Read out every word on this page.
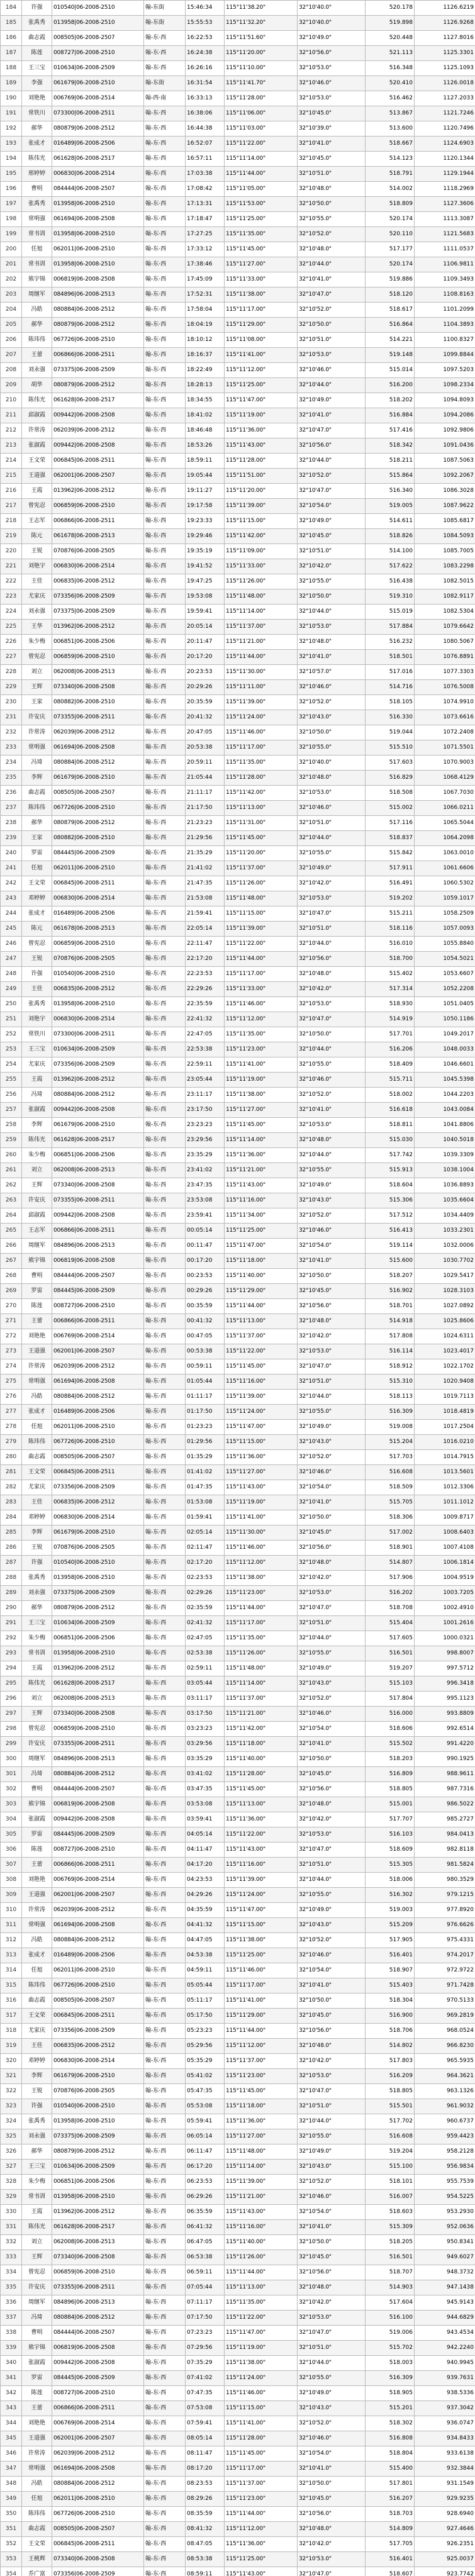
184	许强	010540|06-2008-2510	翰-东街	15:46:34	115°11'38.20"	32°10'40.0"	520.178	1126.6219
185	张禹秀	013958|06-2008-2510	翰-东街	15:55:53	115°11'32.20"	32°10'40.0"	519.898	1126.9268
186	曲志霞	008505|06-2008-2507	翰-东·西	16:22:53	115°11'51.60"	32°10'49.0"	520.448	1127.8016
187	陈莲	008727|06-2008-2510	翰-东·西	16:24:38	115°11'20.00"	32°10'56.0"	521.113	1125.3301
188	王三宝	010634|06-2008-2509	翰-东·西	16:26:16	115°11'10.00"	32°10'53.0"	516.348	1125.1093
189	李强	061679|06-2008-2510	翰-东街	16:31:54	115°11'41.70"	32°10'46.0"	520.410	1126.0018
190	刘艳艳	006769|06-2008-2514	翰-西·南	16:33:13	115°11'28.00"	32°10'53.0"	516.462	1127.2033
191	常铁川	073300|06-2008-2511	翰-东·西	16:38:06	115°11'06.00"	32°10'45.0"	513.867	1121.7246
192	郝华	080879|06-2008-2512	翰-东·西	16:44:38	115°11'03.00"	32°10'39.0"	513.600	1120.7496
193	张成才	016489|06-2008-2506	翰-东·西	16:52:07	115°11'22.00"	32°10'41.0"	518.667	1124.6903
194	陈伟光	061628|06-2008-2517	翰-东·西	16:57:11	115°11'14.00"	32°10'45.0"	514.123	1120.1344
195	邢婷婷	006830|06-2008-2514	翰-东·西	17:03:38	115°11'44.00"	32°10'51.0"	518.791	1129.1944
196	曹明	084444|06-2008-2507	翰-东·西	17:08:42	115°11'05.00"	32°10'48.0"	514.002	1118.2969
197	张禹秀	013958|06-2008-2510	翰-东·西	17:13:31	115°11'53.00"	32°10'50.0"	518.809	1127.3606
198	常明强	061694|06-2008-2508	翰-东·西	17:18:47	115°11'25.00"	32°10'55.0"	520.174	1113.3087
199	常书训	013958|06-2008-2510	翰-东·西	17:27:25	115°11'35.00"	32°10'52.0"	520.110	1121.5683
200	任旭	062011|06-2008-2510	翰-东·西	17:33:12	115°11'45.00"	32°10'48.0"	517.177	1111.0537
201	常书训	013958|06-2008-2510	翰-东·西	17:38:46	115°11'27.00"	32°10'44.0"	520.174	1106.9811
202	熊宇锦	006819|06-2008-2508	翰-东·西	17:45:09	115°11'33.00"	32°10'41.0"	519.886	1109.3493
203	周继军	084896|06-2008-2513	翰-东·西	17:52:31	115°11'38.00"	32°10'47.0"	518.120	1108.8163
204	冯皓	080884|06-2008-2512	翰-东·西	17:58:04	115°11'17.00"	32°10'52.0"	518.617	1101.2099
205	郝华	080879|06-2008-2512	翰-东·西	18:04:19	115°11'29.00"	32°10'50.0"	516.864	1104.3893
206	陈玮伟	067726|06-2008-2510	翰-东·西	18:10:12	115°11'08.00"	32°10'51.0"	514.221	1100.8327
207	王蕾	006866|06-2008-2511	翰-东·西	18:16:37	115°11'41.00"	32°10'53.0"	519.148	1099.8844
208	刘永强	073375|06-2008-2509	翰-东·西	18:22:49	115°11'12.00"	32°10'46.0"	515.014	1097.5203
209	胡华	080879|06-2008-2512	翰-东·西	18:28:13	115°11'25.00"	32°10'44.0"	516.200	1098.2334
210	陈伟光	061628|06-2008-2517	翰-东·西	18:34:55	115°11'47.00"	32°10'49.0"	518.202	1094.8093
211	邱淑霞	009442|06-2008-2508	翰-东·西	18:41:02	115°11'19.00"	32°10'41.0"	516.884	1094.2086
212	许常涛	062039|06-2008-2512	翰-东·西	18:46:48	115°11'36.00"	32°10'47.0"	517.416	1092.9806
213	张淑霞	009442|06-2008-2508	翰-东·西	18:53:26	115°11'43.00"	32°10'56.0"	518.342	1091.0436
214	王文荣	006845|06-2008-2511	翰-东·西	18:59:11	115°11'28.00"	32°10'44.0"	518.211	1087.5063
215	王道强	062001|06-2008-2507	翰-东·西	19:05:44	115°11'51.00"	32°10'52.0"	515.864	1092.2067
216	王霞	013962|06-2008-2512	翰-东·西	19:11:27	115°11'20.00"	32°10'47.0"	516.340	1086.3028
217	曾宪忍	006859|06-2008-2510	翰-东·西	19:17:58	115°11'39.00"	32°10'54.0"	519.005	1087.9622
218	王志军	006866|06-2008-2511	翰-东·西	19:23:33	115°11'15.00"	32°10'49.0"	514.611	1085.6817
219	陈元	061678|06-2008-2513	翰-东·西	19:29:46	115°11'42.00"	32°10'45.0"	518.826	1084.5093
220	王锐	070876|06-2008-2505	翰-东·西	19:35:19	115°11'09.00"	32°10'51.0"	514.100	1085.7005
221	刘艳宇	006830|06-2008-2514	翰-东·西	19:41:52	115°11'33.00"	32°10'42.0"	517.622	1083.2298
222	王佳	006835|06-2008-2512	翰-东·西	19:47:25	115°11'26.00"	32°10'55.0"	516.438	1082.5015
223	尤家庆	073356|06-2008-2509	翰-东·西	19:53:08	115°11'48.00"	32°10'50.0"	519.310	1082.9117
224	刘永强	073375|06-2008-2509	翰-东·西	19:59:41	115°11'14.00"	32°10'44.0"	515.019	1082.5304
225	王华	013962|06-2008-2512	翰-东·西	20:05:14	115°11'37.00"	32°10'53.0"	517.884	1079.6642
226	朱少梅	006851|06-2008-2506	翰-东·西	20:11:47	115°11'21.00"	32°10'48.0"	516.232	1080.5067
227	曾宪忍	006859|06-2008-2510	翰-东·西	20:17:20	115°11'44.00"	32°10'41.0"	518.501	1076.8891
228	刘立	062008|06-2008-2513	翰-东·西	20:23:53	115°11'30.00"	32°10'57.0"	517.016	1077.3303
229	王辉	073340|06-2008-2508	翰-东·西	20:29:26	115°11'11.00"	32°10'46.0"	514.716	1076.5008
230	王家	080882|06-2008-2510	翰-东·西	20:35:59	115°11'39.00"	32°10'52.0"	518.105	1074.9910
231	许安庆	073355|06-2008-2511	翰-东·西	20:41:32	115°11'24.00"	32°10'43.0"	516.330	1073.6616
232	许常涛	062039|06-2008-2512	翰-东·西	20:47:05	115°11'46.00"	32°10'50.0"	519.044	1072.2408
233	常明强	061694|06-2008-2508	翰-东·西	20:53:38	115°11'17.00"	32°10'55.0"	515.510	1071.5501
234	冯琦	080884|06-2008-2512	翰-东·西	20:59:11	115°11'35.00"	32°10'40.0"	517.603	1070.9003
235	李辉	061679|06-2008-2510	翰-东·西	21:05:44	115°11'28.00"	32°10'48.0"	516.829	1068.4129
236	曲志霞	008505|06-2008-2507	翰-东·西	21:11:17	115°11'42.00"	32°10'53.0"	518.508	1067.7030
237	陈玮伟	067726|06-2008-2510	翰-东·西	21:17:50	115°11'13.00"	32°10'46.0"	515.002	1066.0211
238	郝华	080879|06-2008-2512	翰-东·西	21:23:23	115°11'31.00"	32°10'51.0"	517.116	1065.5044
239	王家	080882|06-2008-2510	翰-东·西	21:29:56	115°11'45.00"	32°10'44.0"	518.837	1064.2098
240	罗雷	084445|06-2008-2509	翰-东·西	21:35:29	115°11'20.00"	32°10'55.0"	515.842	1063.0010
241	任旭	062011|06-2008-2510	翰-东·西	21:41:02	115°11'37.00"	32°10'49.0"	517.911	1061.6606
242	王文荣	006845|06-2008-2511	翰-东·西	21:47:35	115°11'26.00"	32°10'42.0"	516.491	1060.5302
243	邓婷婷	006830|06-2008-2514	翰-东·西	21:53:08	115°11'48.00"	32°10'53.0"	519.202	1059.1017
244	张成才	016489|06-2008-2506	翰-东·西	21:59:41	115°11'15.00"	32°10'47.0"	515.211	1058.2509
245	陈元	061678|06-2008-2513	翰-东·西	22:05:14	115°11'39.00"	32°10'51.0"	518.116	1057.0093
246	曾宪忍	006859|06-2008-2510	翰-东·西	22:11:47	115°11'22.00"	32°10'44.0"	516.010	1055.8840
247	王锐	070876|06-2008-2505	翰-东·西	22:17:20	115°11'44.00"	32°10'56.0"	518.700	1054.5021
248	许强	010540|06-2008-2510	翰-东·西	22:23:53	115°11'17.00"	32°10'48.0"	515.402	1053.6607
249	王佳	006835|06-2008-2512	翰-东·西	22:29:26	115°11'33.00"	32°10'42.0"	517.314	1052.2208
250	张禹秀	013958|06-2008-2510	翰-东·西	22:35:59	115°11'46.00"	32°10'53.0"	518.930	1051.0405
251	刘艳宇	006830|06-2008-2514	翰-东·西	22:41:32	115°11'12.00"	32°10'47.0"	514.919	1050.1186
252	常铁川	073300|06-2008-2511	翰-东·西	22:47:05	115°11'35.00"	32°10'50.0"	517.701	1049.2017
253	王三宝	010634|06-2008-2509	翰-东·西	22:53:38	115°11'23.00"	32°10'44.0"	516.206	1048.0033
254	尤家庆	073356|06-2008-2509	翰-东·西	22:59:11	115°11'41.00"	32°10'55.0"	518.409	1046.6601
255	王霞	013962|06-2008-2512	翰-东·西	23:05:44	115°11'19.00"	32°10'46.0"	515.711	1045.5398
256	冯琦	080884|06-2008-2512	翰-东·西	23:11:17	115°11'38.00"	32°10'52.0"	518.002	1044.2203
257	张淑霞	009442|06-2008-2508	翰-东·西	23:17:50	115°11'27.00"	32°10'41.0"	516.618	1043.0084
258	李辉	061679|06-2008-2510	翰-东·西	23:23:23	115°11'45.00"	32°10'53.0"	518.811	1041.8806
259	陈伟光	061628|06-2008-2517	翰-东·西	23:29:56	115°11'14.00"	32°10'48.0"	515.030	1040.5018
260	朱少梅	006851|06-2008-2506	翰-东·西	23:35:29	115°11'36.00"	32°10'44.0"	517.742	1039.3309
261	刘立	062008|06-2008-2513	翰-东·西	23:41:02	115°11'21.00"	32°10'55.0"	515.913	1038.1004
262	王辉	073340|06-2008-2508	翰-东·西	23:47:35	115°11'43.00"	32°10'49.0"	518.604	1036.8893
263	许安庆	073355|06-2008-2511	翰-东·西	23:53:08	115°11'16.00"	32°10'43.0"	515.306	1035.6604
264	邱淑霞	009442|06-2008-2508	翰-东·西	23:59:41	115°11'34.00"	32°10'52.0"	517.512	1034.4409
265	王志军	006866|06-2008-2511	翰-东·西	00:05:14	115°11'25.00"	32°10'46.0"	516.413	1033.2301
266	周继军	084896|06-2008-2513	翰-东·西	00:11:47	115°11'47.00"	32°10'54.0"	519.114	1032.0006
267	熊宇锦	006819|06-2008-2508	翰-东·西	00:17:20	115°11'18.00"	32°10'41.0"	515.600	1030.7702
268	曹明	084444|06-2008-2507	翰-东·西	00:23:53	115°11'40.00"	32°10'50.0"	518.207	1029.5417
269	罗雷	084445|06-2008-2509	翰-东·西	00:29:26	115°11'29.00"	32°10'45.0"	516.902	1028.3103
270	陈莲	008727|06-2008-2510	翰-东·西	00:35:59	115°11'44.00"	32°10'56.0"	518.701	1027.0892
271	王蕾	006866|06-2008-2511	翰-东·西	00:41:32	115°11'13.00"	32°10'48.0"	514.918	1025.8606
272	刘艳艳	006769|06-2008-2514	翰-东·西	00:47:05	115°11'37.00"	32°10'42.0"	517.808	1024.6311
273	王道强	062001|06-2008-2507	翰-东·西	00:53:38	115°11'22.00"	32°10'53.0"	516.114	1023.4017
274	许常涛	062039|06-2008-2512	翰-东·西	00:59:11	115°11'45.00"	32°10'47.0"	518.912	1022.1702
275	常明强	061694|06-2008-2508	翰-东·西	01:05:44	115°11'16.00"	32°10'51.0"	515.310	1020.9408
276	冯皓	080884|06-2008-2512	翰-东·西	01:11:17	115°11'39.00"	32°10'44.0"	518.113	1019.7113
277	张成才	016489|06-2008-2506	翰-东·西	01:17:50	115°11'24.00"	32°10'55.0"	516.309	1018.4819
278	任旭	062011|06-2008-2510	翰-东·西	01:23:23	115°11'47.00"	32°10'49.0"	519.008	1017.2504
279	陈玮伟	067726|06-2008-2510	翰-东·西	01:29:56	115°11'15.00"	32°10'43.0"	515.204	1016.0210
280	曲志霞	008505|06-2008-2507	翰-东·西	01:35:29	115°11'36.00"	32°10'52.0"	517.703	1014.7915
281	王文荣	006845|06-2008-2511	翰-东·西	01:41:02	115°11'27.00"	32°10'46.0"	516.608	1013.5601
282	尤家庆	073356|06-2008-2509	翰-东·西	01:47:35	115°11'43.00"	32°10'54.0"	518.509	1012.3306
283	王佳	006835|06-2008-2512	翰-东·西	01:53:08	115°11'19.00"	32°10'41.0"	515.705	1011.1012
284	邓婷婷	006830|06-2008-2514	翰-东·西	01:59:41	115°11'41.00"	32°10'50.0"	518.306	1009.8717
285	李辉	061679|06-2008-2510	翰-东·西	02:05:14	115°11'30.00"	32°10'45.0"	517.002	1008.6403
286	王锐	070876|06-2008-2505	翰-东·西	02:11:47	115°11'46.00"	32°10'56.0"	518.901	1007.4108
287	许强	010540|06-2008-2510	翰-东·西	02:17:20	115°11'12.00"	32°10'48.0"	514.807	1006.1814
288	张禹秀	013958|06-2008-2510	翰-东·西	02:23:53	115°11'38.00"	32°10'42.0"	517.906	1004.9519
289	刘永强	073375|06-2008-2509	翰-东·西	02:29:26	115°11'23.00"	32°10'53.0"	516.202	1003.7205
290	郝华	080879|06-2008-2512	翰-东·西	02:35:59	115°11'44.00"	32°10'47.0"	518.708	1002.4910
291	王三宝	010634|06-2008-2509	翰-东·西	02:41:32	115°11'17.00"	32°10'51.0"	515.404	1001.2616
292	朱少梅	006851|06-2008-2506	翰-东·西	02:47:05	115°11'35.00"	32°10'44.0"	517.605	1000.0321
293	常书训	013958|06-2008-2510	翰-东·西	02:53:38	115°11'26.00"	32°10'55.0"	516.501	998.8007
294	王霞	013962|06-2008-2512	翰-东·西	02:59:11	115°11'48.00"	32°10'49.0"	519.207	997.5712
295	陈伟光	061628|06-2008-2517	翰-东·西	03:05:44	115°11'14.00"	32°10'43.0"	515.103	996.3418
296	刘立	062008|06-2008-2513	翰-东·西	03:11:17	115°11'37.00"	32°10'52.0"	517.804	995.1123
297	王辉	073340|06-2008-2508	翰-东·西	03:17:50	115°11'21.00"	32°10'46.0"	516.000	993.8809
298	曾宪忍	006859|06-2008-2510	翰-东·西	03:23:23	115°11'42.00"	32°10'54.0"	518.606	992.6514
299	许安庆	073355|06-2008-2511	翰-东·西	03:29:56	115°11'18.00"	32°10'41.0"	515.502	991.4220
300	周继军	084896|06-2008-2513	翰-东·西	03:35:29	115°11'40.00"	32°10'50.0"	518.203	990.1925
301	冯琦	080884|06-2008-2512	翰-东·西	03:41:02	115°11'28.00"	32°10'45.0"	516.809	988.9611
302	曹明	084444|06-2008-2507	翰-东·西	03:47:35	115°11'45.00"	32°10'56.0"	518.805	987.7316
303	熊宇锦	006819|06-2008-2508	翰-东·西	03:53:08	115°11'13.00"	32°10'48.0"	515.001	986.5022
304	张淑霞	009442|06-2008-2508	翰-东·西	03:59:41	115°11'36.00"	32°10'42.0"	517.707	985.2727
305	罗雷	084445|06-2008-2509	翰-东·西	04:05:14	115°11'22.00"	32°10'53.0"	516.103	984.0413
306	陈莲	008727|06-2008-2510	翰-东·西	04:11:47	115°11'43.00"	32°10'47.0"	518.609	982.8118
307	王蕾	006866|06-2008-2511	翰-东·西	04:17:20	115°11'16.00"	32°10'51.0"	515.305	981.5824
308	刘艳艳	006769|06-2008-2514	翰-东·西	04:23:53	115°11'39.00"	32°10'44.0"	518.006	980.3529
309	王道强	062001|06-2008-2507	翰-东·西	04:29:26	115°11'24.00"	32°10'55.0"	516.302	979.1215
310	许常涛	062039|06-2008-2512	翰-东·西	04:35:59	115°11'47.00"	32°10'49.0"	519.003	977.8920
311	常明强	061694|06-2008-2508	翰-东·西	04:41:32	115°11'15.00"	32°10'43.0"	515.209	976.6626
312	冯皓	080884|06-2008-2512	翰-东·西	04:47:05	115°11'38.00"	32°10'52.0"	517.905	975.4331
313	张成才	016489|06-2008-2506	翰-东·西	04:53:38	115°11'25.00"	32°10'46.0"	516.401	974.2017
314	任旭	062011|06-2008-2510	翰-东·西	04:59:11	115°11'46.00"	32°10'54.0"	518.907	972.9722
315	陈玮伟	067726|06-2008-2510	翰-东·西	05:05:44	115°11'17.00"	32°10'41.0"	515.403	971.7428
316	曲志霞	008505|06-2008-2507	翰-东·西	05:11:17	115°11'41.00"	32°10'50.0"	518.304	970.5133
317	王文荣	006845|06-2008-2511	翰-东·西	05:17:50	115°11'29.00"	32°10'45.0"	516.900	969.2819
318	尤家庆	073356|06-2008-2509	翰-东·西	05:23:23	115°11'44.00"	32°10'56.0"	518.706	968.0524
319	王佳	006835|06-2008-2512	翰-东·西	05:29:56	115°11'12.00"	32°10'48.0"	514.802	966.8230
320	邓婷婷	006830|06-2008-2514	翰-东·西	05:35:29	115°11'37.00"	32°10'42.0"	517.803	965.5935
321	李辉	061679|06-2008-2510	翰-东·西	05:41:02	115°11'23.00"	32°10'53.0"	516.209	964.3621
322	王锐	070876|06-2008-2505	翰-东·西	05:47:35	115°11'45.00"	32°10'47.0"	518.805	963.1326
323	许强	010540|06-2008-2510	翰-东·西	05:53:08	115°11'18.00"	32°10'51.0"	515.501	961.9032
324	张禹秀	013958|06-2008-2510	翰-东·西	05:59:41	115°11'36.00"	32°10'44.0"	517.702	960.6737
325	刘永强	073375|06-2008-2509	翰-东·西	06:05:14	115°11'27.00"	32°10'55.0"	516.608	959.4423
326	郝华	080879|06-2008-2512	翰-东·西	06:11:47	115°11'48.00"	32°10'49.0"	519.204	958.2128
327	王三宝	010634|06-2008-2509	翰-东·西	06:17:20	115°11'14.00"	32°10'43.0"	515.100	956.9834
328	朱少梅	006851|06-2008-2506	翰-东·西	06:23:53	115°11'39.00"	32°10'52.0"	518.101	955.7539
329	常书训	013958|06-2008-2510	翰-东·西	06:29:26	115°11'21.00"	32°10'46.0"	516.007	954.5225
330	王霞	013962|06-2008-2512	翰-东·西	06:35:59	115°11'43.00"	32°10'54.0"	518.603	953.2930
331	陈伟光	061628|06-2008-2517	翰-东·西	06:41:32	115°11'16.00"	32°10'41.0"	515.309	952.0636
332	刘立	062008|06-2008-2513	翰-东·西	06:47:05	115°11'40.00"	32°10'50.0"	518.205	950.8341
333	王辉	073340|06-2008-2508	翰-东·西	06:53:38	115°11'26.00"	32°10'45.0"	516.501	949.6027
334	曾宪忍	006859|06-2008-2510	翰-东·西	06:59:11	115°11'44.00"	32°10'56.0"	518.707	948.3732
335	许安庆	073355|06-2008-2511	翰-东·西	07:05:44	115°11'13.00"	32°10'48.0"	514.903	947.1438
336	周继军	084896|06-2008-2513	翰-东·西	07:11:17	115°11'35.00"	32°10'42.0"	517.604	945.9143
337	冯琦	080884|06-2008-2512	翰-东·西	07:17:50	115°11'22.00"	32°10'53.0"	516.100	944.6829
338	曹明	084444|06-2008-2507	翰-东·西	07:23:23	115°11'47.00"	32°10'47.0"	519.006	943.4534
339	熊宇锦	006819|06-2008-2508	翰-东·西	07:29:56	115°11'19.00"	32°10'51.0"	515.702	942.2240
340	张淑霞	009442|06-2008-2508	翰-东·西	07:35:29	115°11'38.00"	32°10'44.0"	518.003	940.9945
341	罗雷	084445|06-2008-2509	翰-东·西	07:41:02	115°11'24.00"	32°10'55.0"	516.309	939.7631
342	陈莲	008727|06-2008-2510	翰-东·西	07:47:35	115°11'46.00"	32°10'49.0"	518.905	938.5336
343	王蕾	006866|06-2008-2511	翰-东·西	07:53:08	115°11'15.00"	32°10'43.0"	515.201	937.3042
344	刘艳艳	006769|06-2008-2514	翰-东·西	07:59:41	115°11'41.00"	32°10'52.0"	518.302	936.0747
345	王道强	062001|06-2008-2507	翰-东·西	08:05:14	115°11'28.00"	32°10'46.0"	516.808	934.8433
346	许常涛	062039|06-2008-2512	翰-东·西	08:11:47	115°11'45.00"	32°10'54.0"	518.804	933.6138
347	常明强	061694|06-2008-2508	翰-东·西	08:17:20	115°11'17.00"	32°10'41.0"	515.400	932.3844
348	冯皓	080884|06-2008-2512	翰-东·西	08:23:53	115°11'37.00"	32°10'50.0"	517.801	931.1549
349	任旭	062011|06-2008-2510	翰-东·西	08:29:26	115°11'23.00"	32°10'45.0"	516.207	929.9235
350	陈玮伟	067726|06-2008-2510	翰-东·西	08:35:59	115°11'44.00"	32°10'56.0"	518.703	928.6940
351	曲志霞	008505|06-2008-2507	翰-东·西	08:41:32	115°11'12.00"	32°10'48.0"	514.809	927.4646
352	王文荣	006845|06-2008-2511	翰-东·西	08:47:05	115°11'36.00"	32°10'42.0"	517.705	926.2351
353	王桃辉	073340|06-2008-2508	翰-东·西	08:53:38	115°11'25.00"	32°10'53.0"	516.401	925.0037
354	乔广富	073356|06-2008-2509	翰-东·西	08:59:11	115°11'43.00"	32°10'47.0"	518.607	923.7742
